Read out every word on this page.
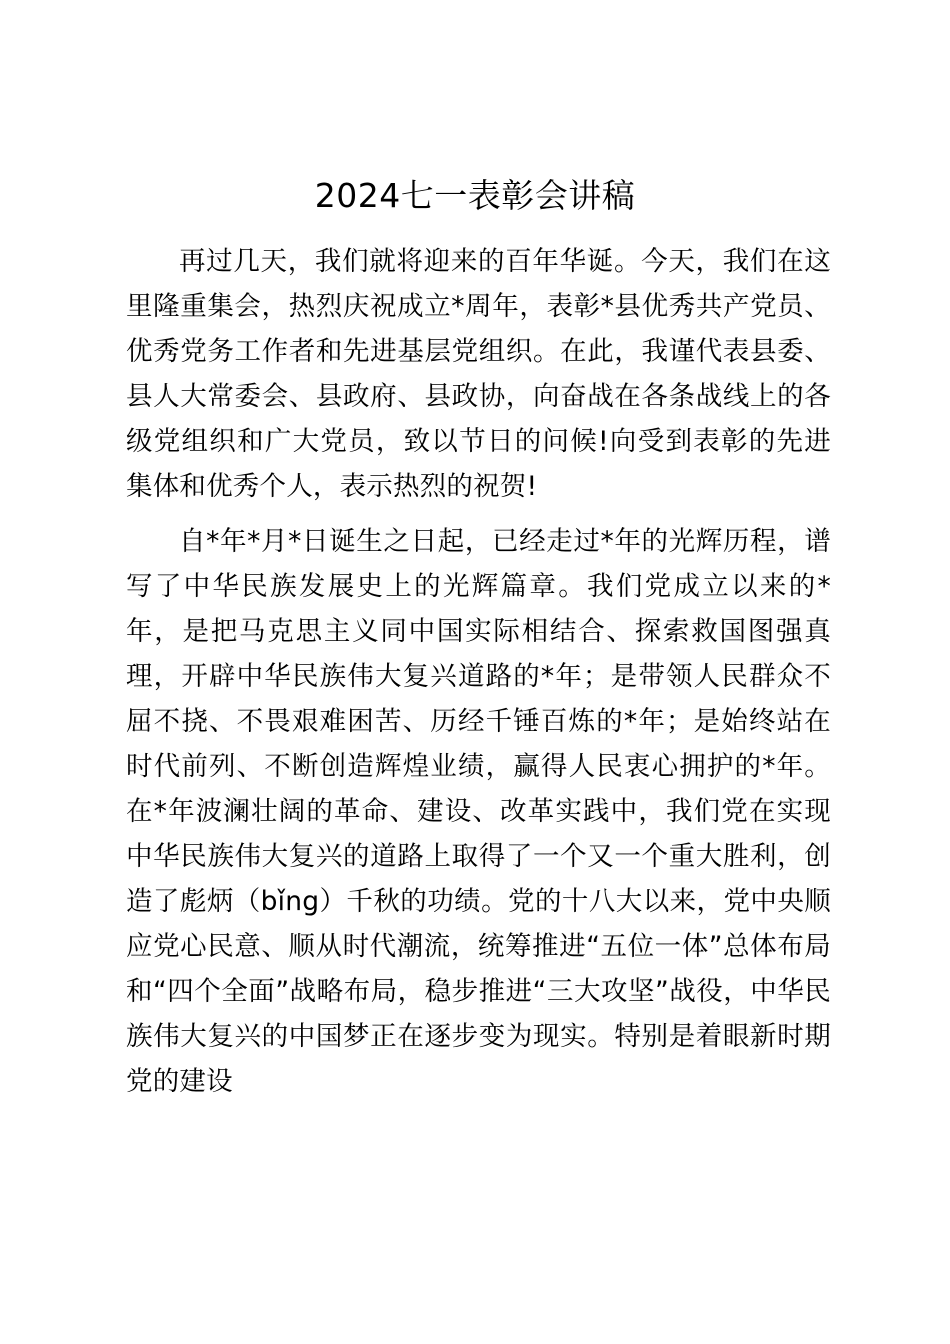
2024七一表彰会讲稿

再过几天，我们就将迎来的百年华诞。今天，我们在这里隆重集会，热烈庆祝成立*周年，表彰*县优秀共产党员、优秀党务工作者和先进基层党组织。在此，我谨代表县委、县人大常委会、县政府、县政协，向奋战在各条战线上的各级党组织和广大党员，致以节日的问候!向受到表彰的先进集体和优秀个人，表示热烈的祝贺!

自*年*月*日诞生之日起，已经走过*年的光辉历程，谱写了中华民族发展史上的光辉篇章。我们党成立以来的*年，是把马克思主义同中国实际相结合、探索救国图强真理，开辟中华民族伟大复兴道路的*年；是带领人民群众不屈不挠、不畏艰难困苦、历经千锤百炼的*年；是始终站在时代前列、不断创造辉煌业绩，赢得人民衷心拥护的*年。在*年波澜壮阔的革命、建设、改革实践中，我们党在实现中华民族伟大复兴的道路上取得了一个又一个重大胜利，创造了彪炳（bǐng）千秋的功绩。党的十八大以来，党中央顺应党心民意、顺从时代潮流，统筹推进“五位一体”总体布局和“四个全面”战略布局，稳步推进“三大攻坚”战役，中华民族伟大复兴的中国梦正在逐步变为现实。特别是着眼新时期党的建设
